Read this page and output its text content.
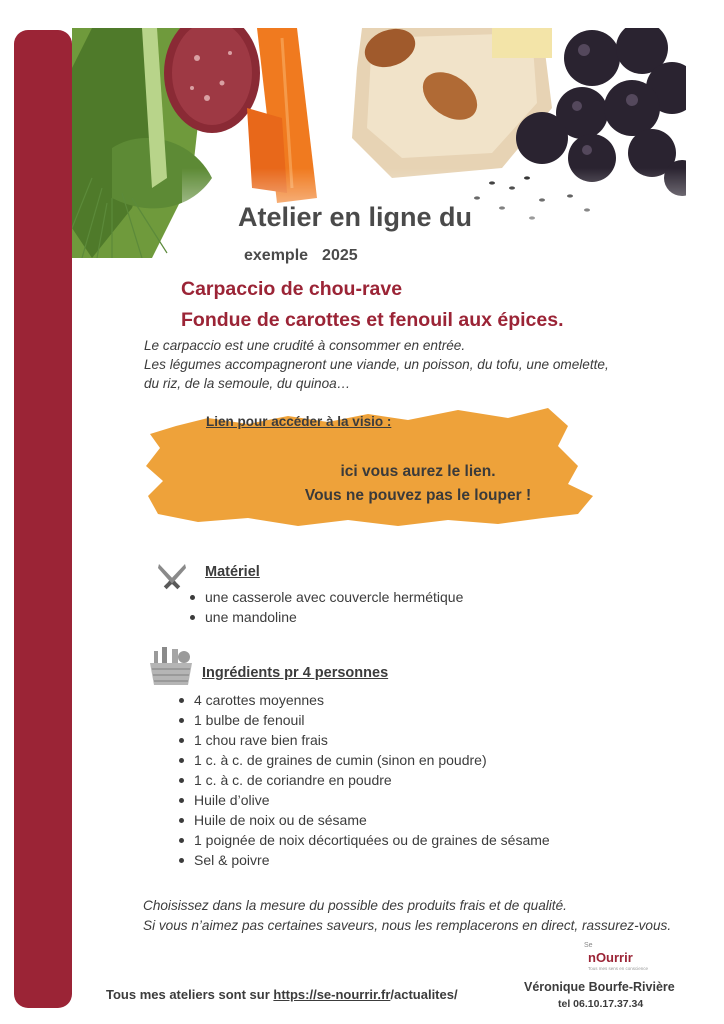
Atelier en ligne du
exemple 2025
Carpaccio de chou-rave
Fondue de carottes et fenouil aux épices.
Le carpaccio est une crudité à consommer en entrée.
Les légumes accompagneront une viande, un poisson, du tofu, une omelette,
du riz, de la semoule, du quinoa…
Lien pour accéder à la visio :
ici vous aurez le lien.
Vous ne pouvez pas le louper !
Matériel
une casserole avec couvercle hermétique
une mandoline
Ingrédients pr 4 personnes
4 carottes moyennes
1 bulbe de fenouil
1 chou rave bien frais
1 c. à c. de graines de cumin (sinon en poudre)
1 c. à c. de coriandre en poudre
Huile d’olive
Huile de noix ou de sésame
1 poignée de noix décortiquées ou de graines de sésame
Sel & poivre
Choisissez dans la mesure du possible des produits frais et de qualité.
Si vous n’aimez pas certaines saveurs, nous les remplacerons en direct, rassurez-vous.
Se
nOurrir
Tous mes sens en conscience
Tous mes ateliers sont sur https://se-nourrir.fr/actualites/	Véronique Bourfe-Rivière
tel 06.10.17.37.34
